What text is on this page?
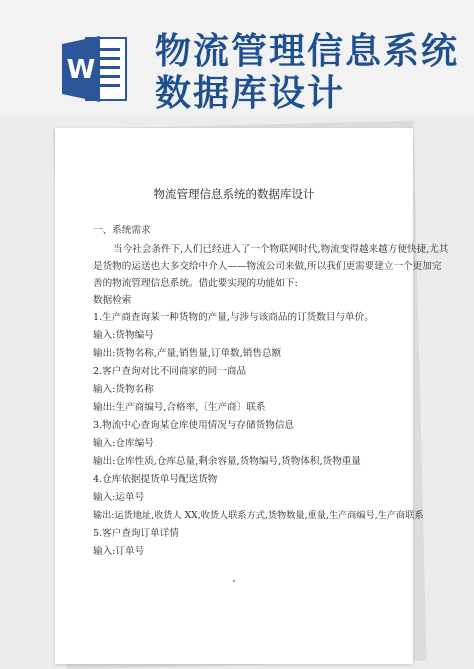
W 物流管理信息系统
数据库设计
物流管理信息系统的数据库设计
一、系统需求
当今社会条件下,人们已经进入了一个物联网时代,物流变得越来越方便快捷,尤其
是货物的运送也大多交给中介人——物流公司来做,所以我们更需要建立一个更加完
善的物流管理信息系统。借此要实现的功能如下:
数据检索
1.生产商查询某一种货物的产量,与涉与该商品的订货数目与单价。
输入:货物编号
输出:货物名称,产量,销售量,订单数,销售总额
2.客户查询对比不同商家的同一商品
输入:货物名称
输出:生产商编号,合格率,〔生产商〕联系
3.物流中心查询某仓库使用情况与存储货物信息
输入:仓库编号
输出:仓库性质,仓库总量,剩余容量,货物编号,货物体积,货物重量
4.仓库依据提货单号配送货物
输入:运单号
输出:运货地址,收货人 XX,收货人联系方式,货物数量,重量,生产商编号,生产商联系
5.客户查询订单详情
输入:订单号
